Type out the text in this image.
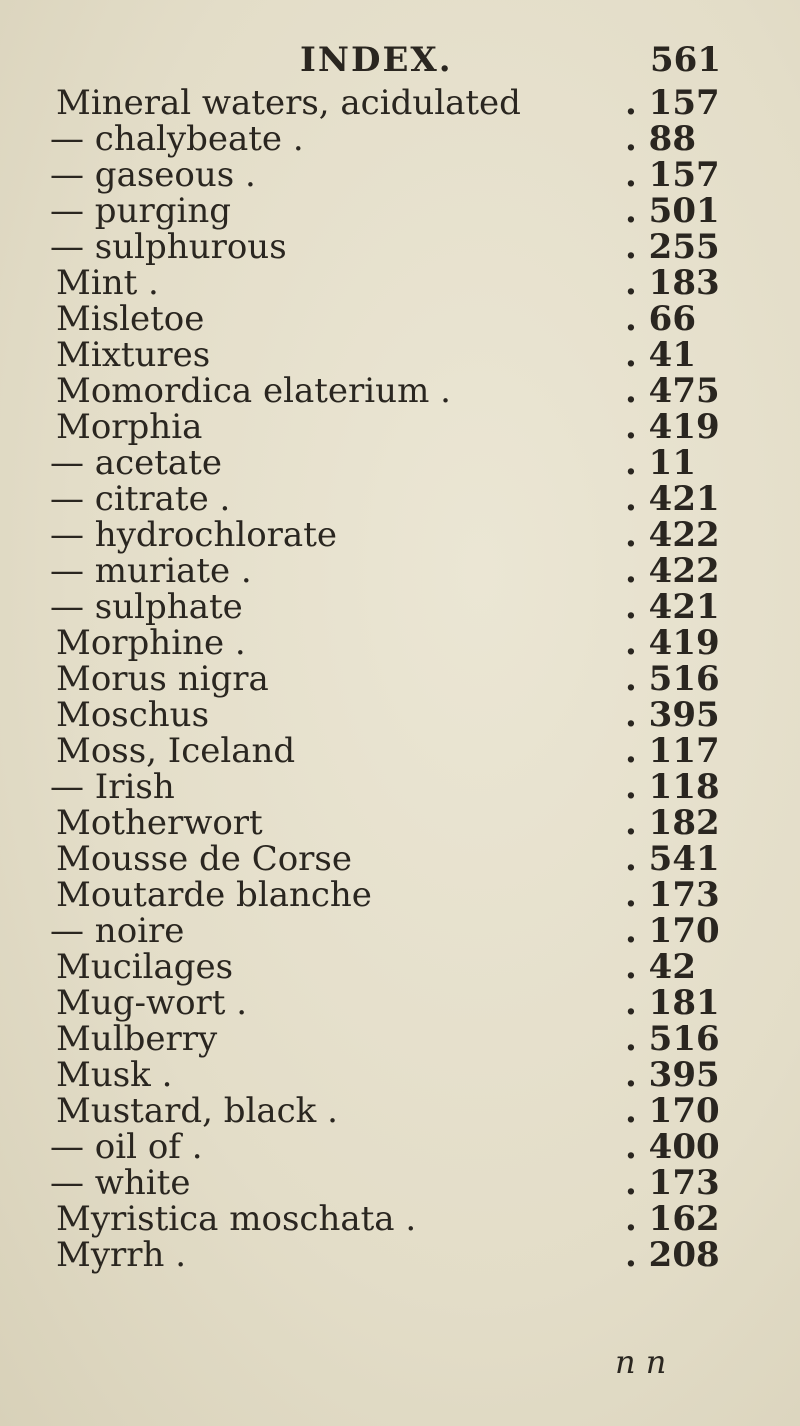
INDEX.	561
Mineral waters, acidulated	. 157
— chalybeate .	. 88
— gaseous .	. 157
— purging	. 501
— sulphurous	. 255
Mint .	. 183
Misletoe	. 66
Mixtures	. 41
Momordica elaterium .	. 475
Morphia	. 419
— acetate	. 11
— citrate .	. 421
— hydrochlorate	. 422
— muriate .	. 422
— sulphate	. 421
Morphine .	. 419
Morus nigra	. 516
Moschus	. 395
Moss, Iceland	. 117
— Irish	. 118
Motherwort	. 182
Mousse de Corse	. 541
Moutarde blanche	. 173
— noire	. 170
Mucilages	. 42
Mug-wort .	. 181
Mulberry	. 516
Musk .	. 395
Mustard, black .	. 170
— oil of .	. 400
— white	. 173
Myristica moschata .	. 162
Myrrh .	. 208
n n
